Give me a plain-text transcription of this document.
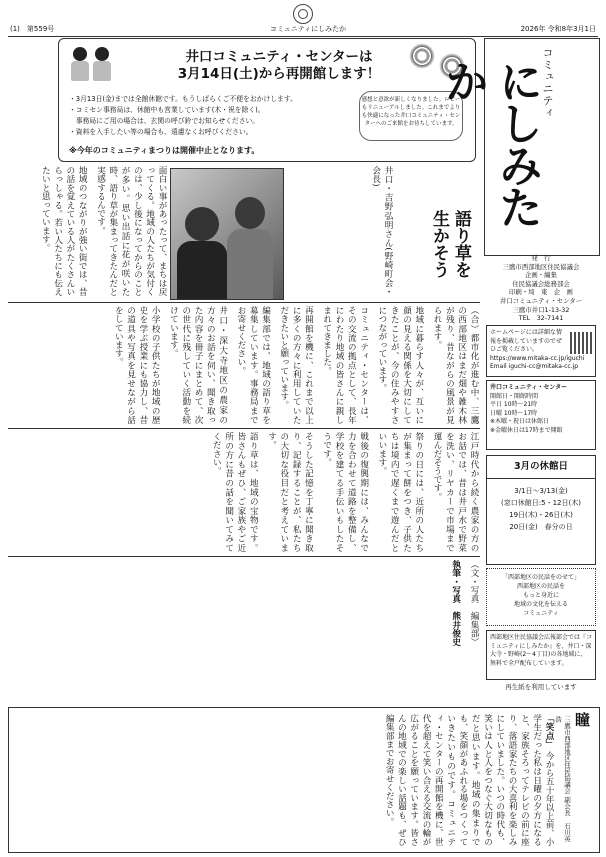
(1)　第559号	コミュニティにしみたか	2026年 令和8年3月1日
井口コミュニティ・センターは
3月14日(土)から再開館します！
・3月13日(金)までは全館休館です。もうしばらくご不便をおかけします。
・コミセン事務局は、休館中も営業しています(木・祝を除く)。
　事務局にご用の場合は、玄関の呼び鈴でお知らせください。
・資料を入手したい等の場合も、遠慮なくお呼びください。
感想と意欲が新しくなりました。ロビーもリニューアルしました。これまでよりも快適になった井口コミュニティ・センターへのご来館をお待ちしています。
※今年のコミュニティまつりは開催中止となります。
コミュニティ
にしみたか
発　行
三鷹市西部地区住民協議会
企画・編集
住民協議会総務部会
印刷・埼　東　企　画
井口コミュニティ・センター
三鷹市井口1-13-32
TEL　32-7141
ホームページには詳細な情報を掲載していますのでぜひご覧ください。
https://www.mitaka-cc.jp/iguchi
Email iguchi-cc@mitaka-cc.jp
井口コミュニティ・センター
開館日・開館時間
平日 10時～21時
日曜 10時～17時
※木曜・祝日は休館日
※金曜休日は17時まで開館
3月の休館日
3/1日～3/13(金)
(窓口休館日:5・12日(木)
19日(木)・26日(木)
20日(金)　春分の日
「西部地区の民話をのせて」
西部地区の民話を
もっと身近に
地域の文化を伝える
コミュニティ
西部地区住民協議会広報部会では『コミュニティにしみたか』を、井口・深大寺・野崎(2～4丁目)の各地域に、無料で全戸配布しています。
再生紙を利用しています
語り草を生かそう
井口・吉野弘明さん(野崎町会・会長)

面白い事があったって、まちは戻ってくる。地域の人たちが気付くのは、少し後になってからのことが多い。思い出話に花が咲いた時、語り草が集まってきたんだと実感するんです。

地域のつながりが強い街では、昔の話を覚えている人がたくさんいらっしゃる。若い人たちにも伝えたいと思っています。

（合）都市化が進む中、三鷹の西部地区はまだ畑や雑木林が残り、昔ながらの風景が見られます。

地域に暮らす人々が、互いに顔の見える関係を大切にしてきたことが、今の住みやすさにつながっています。

コミュニティ・センターは、その交流の拠点として、長年にわたり地域の皆さんに親しまれてきました。

再開館を機に、これまで以上に多くの方々に利用していただきたいと願っています。

編集部では、地域の語り草を募集しています。事務局までお寄せください。

井口・深大寺地区の農家の方々のお話を伺い、聞き取った内容を冊子にまとめて、次の世代に残していく活動を続けています。

小学校の子供たちが地域の歴史を学ぶ授業にも協力し、昔の道具や写真を見せながら話をしています。

江戸時代から続く農家の方のお話では、昔は井戸水で野菜を洗い、リヤカーで市場まで運んだそうです。

祭りの日には、近所の人たちが集まって餅をつき、子供たちは境内で遅くまで遊んだといいます。

戦後の復興期には、みんなで力を合わせて道路を整備し、学校を建てる手伝いもしたそうです。

そうした記憶を丁寧に聞き取り、記録することが、私たちの大切な役目だと考えています。

語り草は、地域の宝物です。皆さんもぜひ、ご家族やご近所の方に昔の話を聞いてみてください。

（文・写真　編集部）

執筆・写真　熊井俊史

瞳
三鷹市西部地区住民協議会 副会長　石川英浩
「笑点」 今から五十年以上前、小学生だった私は日曜の夕方になると、家族そろってテレビの前に座り、落語家たちの大喜利を楽しみにしていました。いつの時代も、笑いは人と人をつなぐ大切なものだと思います。地域の集まりでも、笑顔があふれる場をつくっていきたいものです。コミュニティ・センターの再開館を機に、世代を超えて笑い合える交流の輪が広がることを願っています。皆さんの地域での楽しい話題も、ぜひ編集部までお寄せください。
